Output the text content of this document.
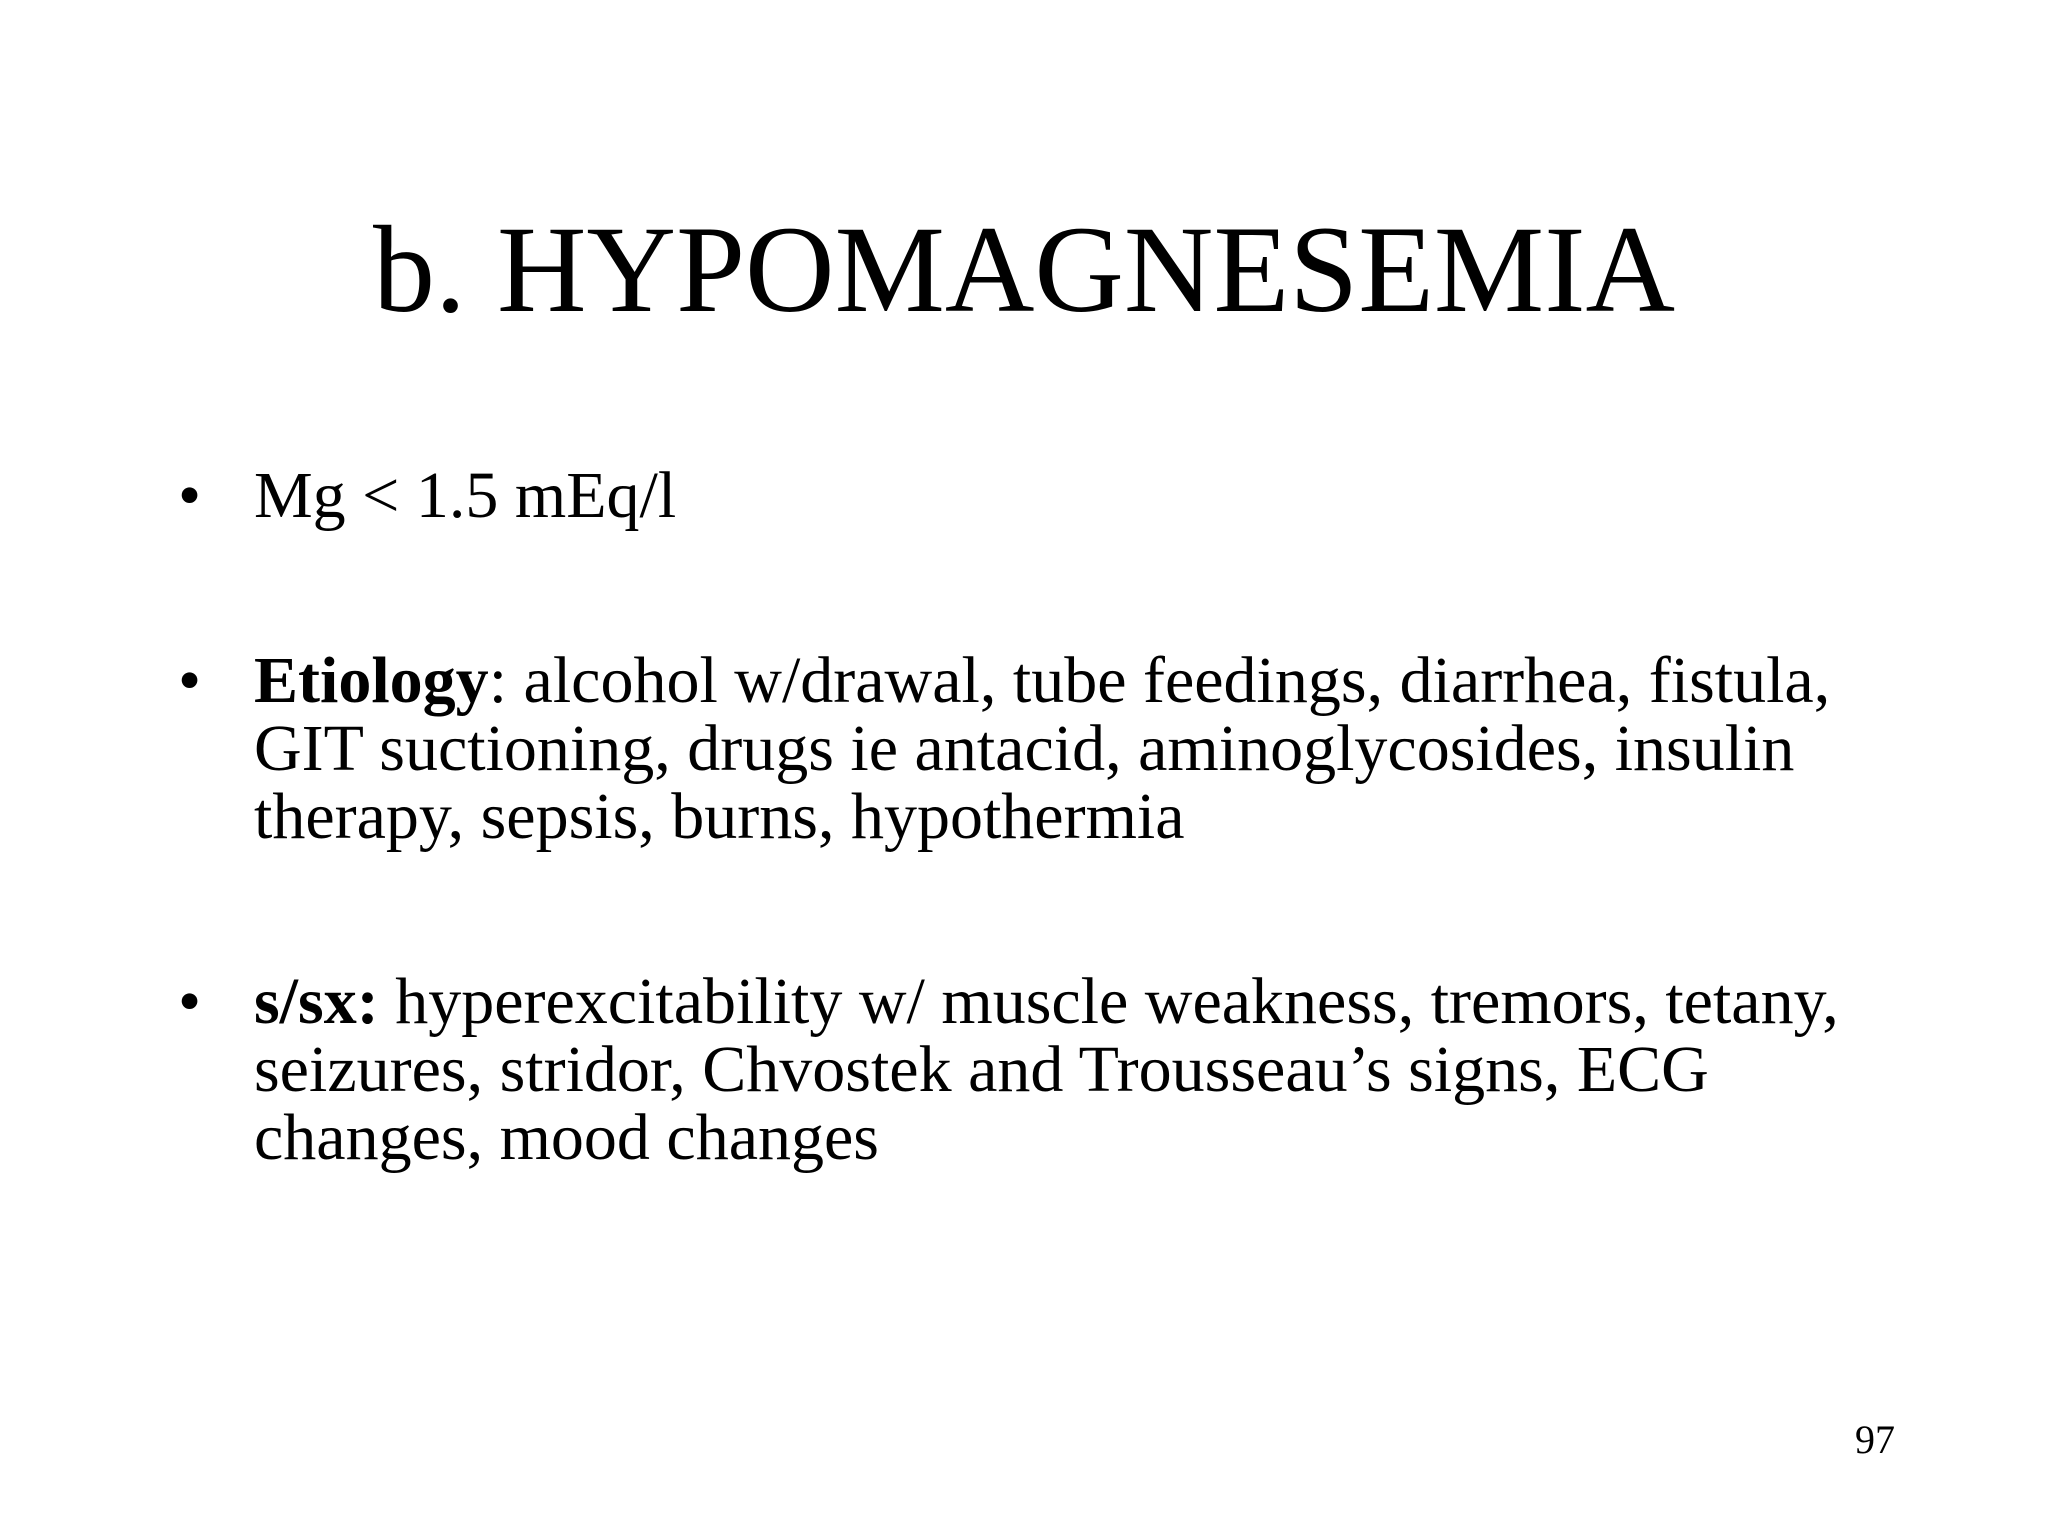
b. HYPOMAGNESEMIA
• Mg < 1.5 mEq/l
• Etiology: alcohol w/drawal, tube feedings, diarrhea, fistula, GIT suctioning, drugs ie antacid, aminoglycosides, insulin therapy, sepsis, burns, hypothermia
• s/sx: hyperexcitability w/ muscle weakness, tremors, tetany, seizures, stridor, Chvostek and Trousseau’s signs, ECG changes, mood changes
97
